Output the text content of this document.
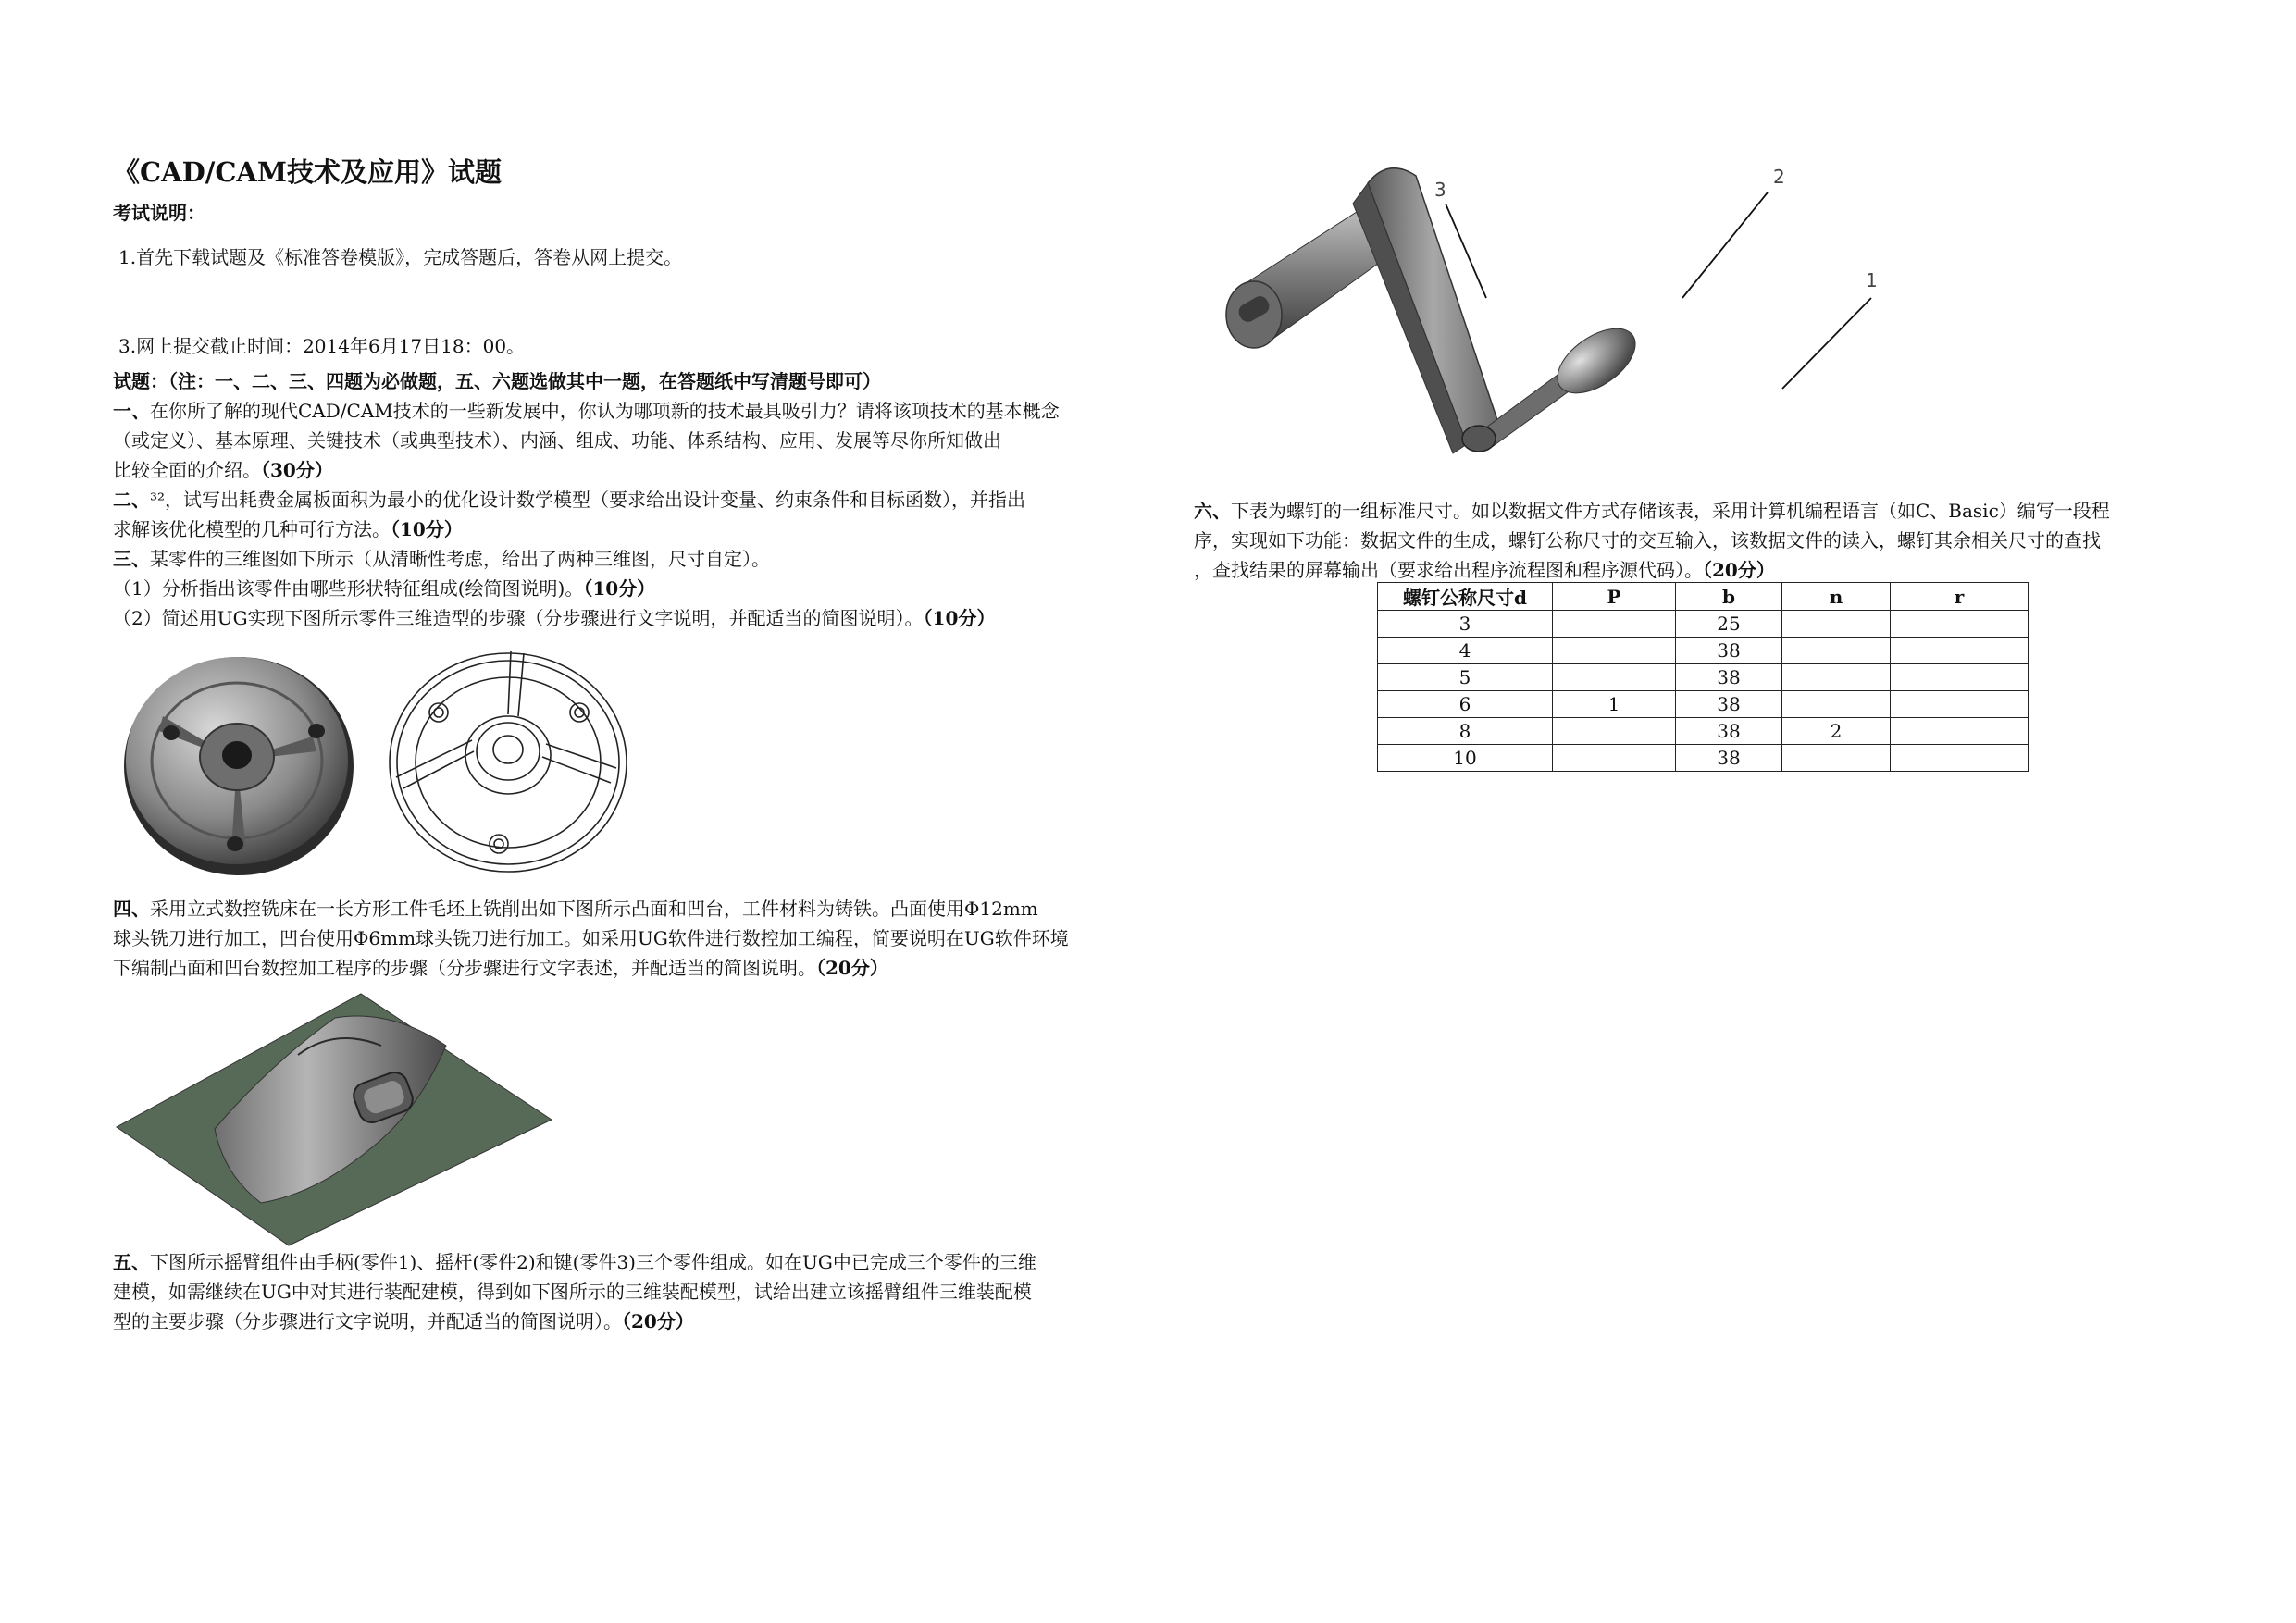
《CAD/CAM技术及应用》试题
考试说明：
1.首先下载试题及《标准答卷模版》，完成答题后，答卷从网上提交。
3.网上提交截止时间：2014年6月17日18：00。
试题：（注：一、二、三、四题为必做题，五、六题选做其中一题，在答题纸中写清题号即可）
一、在你所了解的现代CAD/CAM技术的一些新发展中，你认为哪项新的技术最具吸引力？请将该项技术的基本概念
（或定义）、基本原理、关键技术（或典型技术）、内涵、组成、功能、体系结构、应用、发展等尽你所知做出
比较全面的介绍。（30分）
二、³²，试写出耗费金属板面积为最小的优化设计数学模型（要求给出设计变量、约束条件和目标函数），并指出
求解该优化模型的几种可行方法。（10分）
三、某零件的三维图如下所示（从清晰性考虑，给出了两种三维图，尺寸自定）。
（1）分析指出该零件由哪些形状特征组成(绘简图说明)。（10分）
（2）简述用UG实现下图所示零件三维造型的步骤（分步骤进行文字说明，并配适当的简图说明）。（10分）
四、采用立式数控铣床在一长方形工件毛坯上铣削出如下图所示凸面和凹台，工件材料为铸铁。凸面使用Φ12mm
球头铣刀进行加工，凹台使用Φ6mm球头铣刀进行加工。如采用UG软件进行数控加工编程，简要说明在UG软件环境
下编制凸面和凹台数控加工程序的步骤（分步骤进行文字表述，并配适当的简图说明。（20分）
五、下图所示摇臂组件由手柄(零件1)、摇杆(零件2)和键(零件3)三个零件组成。如在UG中已完成三个零件的三维
建模，如需继续在UG中对其进行装配建模，得到如下图所示的三维装配模型，试给出建立该摇臂组件三维装配模
型的主要步骤（分步骤进行文字说明，并配适当的简图说明）。（20分）
3
2
1
六、下表为螺钉的一组标准尺寸。如以数据文件方式存储该表，采用计算机编程语言（如C、Basic）编写一段程
序，实现如下功能：数据文件的生成，螺钉公称尺寸的交互输入，该数据文件的读入，螺钉其余相关尺寸的查找
，查找结果的屏幕输出（要求给出程序流程图和程序源代码）。（20分）
螺钉公称尺寸d	P	b	n	r
3		25		
4		38		
5		38		
6	1	38		
8		38	2	
10		38		
